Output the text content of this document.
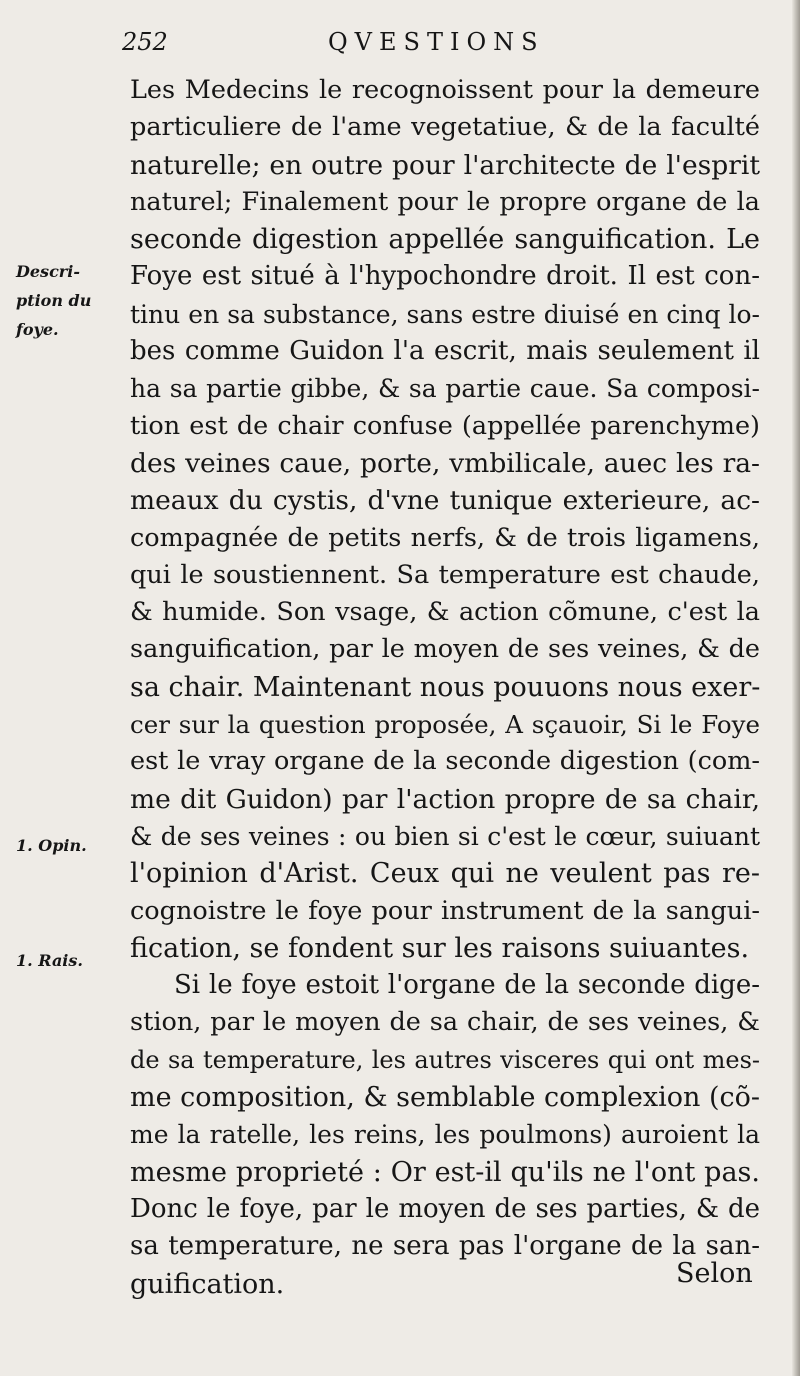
252	QVESTIONS
Descri-
ption du
foye.
1. Opin.
1. Rais.
Les Medecins le recognoissent pour la demeure
particuliere de l'ame vegetatiue, & de la faculté
naturelle; en outre pour l'architecte de l'esprit
naturel; Finalement pour le propre organe de la
seconde digestion appellée sanguification. Le
Foye est situé à l'hypochondre droit. Il est con-
tinu en sa substance, sans estre diuisé en cinq lo-
bes comme Guidon l'a escrit, mais seulement il
ha sa partie gibbe, & sa partie caue. Sa composi-
tion est de chair confuse (appellée parenchyme)
des veines caue, porte, vmbilicale, auec les ra-
meaux du cystis, d'vne tunique exterieure, ac-
compagnée de petits nerfs, & de trois ligamens,
qui le soustiennent. Sa temperature est chaude,
& humide. Son vsage, & action cõmune, c'est la
sanguification, par le moyen de ses veines, & de
sa chair. Maintenant nous pouuons nous exer-
cer sur la question proposée, A sçauoir, Si le Foye
est le vray organe de la seconde digestion (com-
me dit Guidon) par l'action propre de sa chair,
& de ses veines : ou bien si c'est le cœur, suiuant
l'opinion d'Arist. Ceux qui ne veulent pas re-
cognoistre le foye pour instrument de la sangui-
fication, se fondent sur les raisons suiuantes.
Si le foye estoit l'organe de la seconde dige-
stion, par le moyen de sa chair, de ses veines, &
de sa temperature, les autres visceres qui ont mes-
me composition, & semblable complexion (cõ-
me la ratelle, les reins, les poulmons) auroient la
mesme proprieté : Or est-il qu'ils ne l'ont pas.
Donc le foye, par le moyen de ses parties, & de
sa temperature, ne sera pas l'organe de la san-
guification.	Selon
